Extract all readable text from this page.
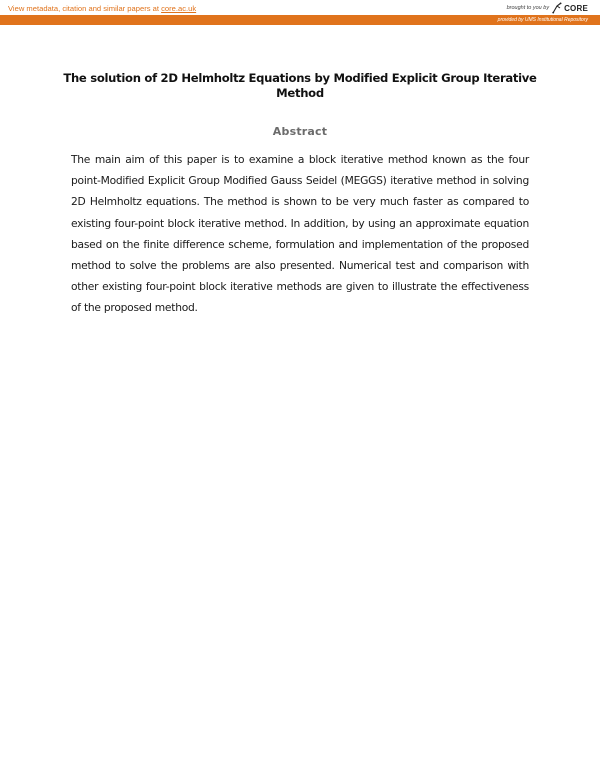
View metadata, citation and similar papers at core.ac.uk	brought to you by CORE
provided by UMS Institutional Repository
The solution of 2D Helmholtz Equations by Modified Explicit Group Iterative Method
Abstract

The main aim of this paper is to examine a block iterative method known as the four point-Modified Explicit Group Modified Gauss Seidel (MEGGS) iterative method in solving 2D Helmholtz equations. The method is shown to be very much faster as compared to existing four-point block iterative method. In addition, by using an approximate equation based on the finite difference scheme, formulation and implementation of the proposed method to solve the problems are also presented. Numerical test and comparison with other existing four-point block iterative methods are given to illustrate the effectiveness of the proposed method.
